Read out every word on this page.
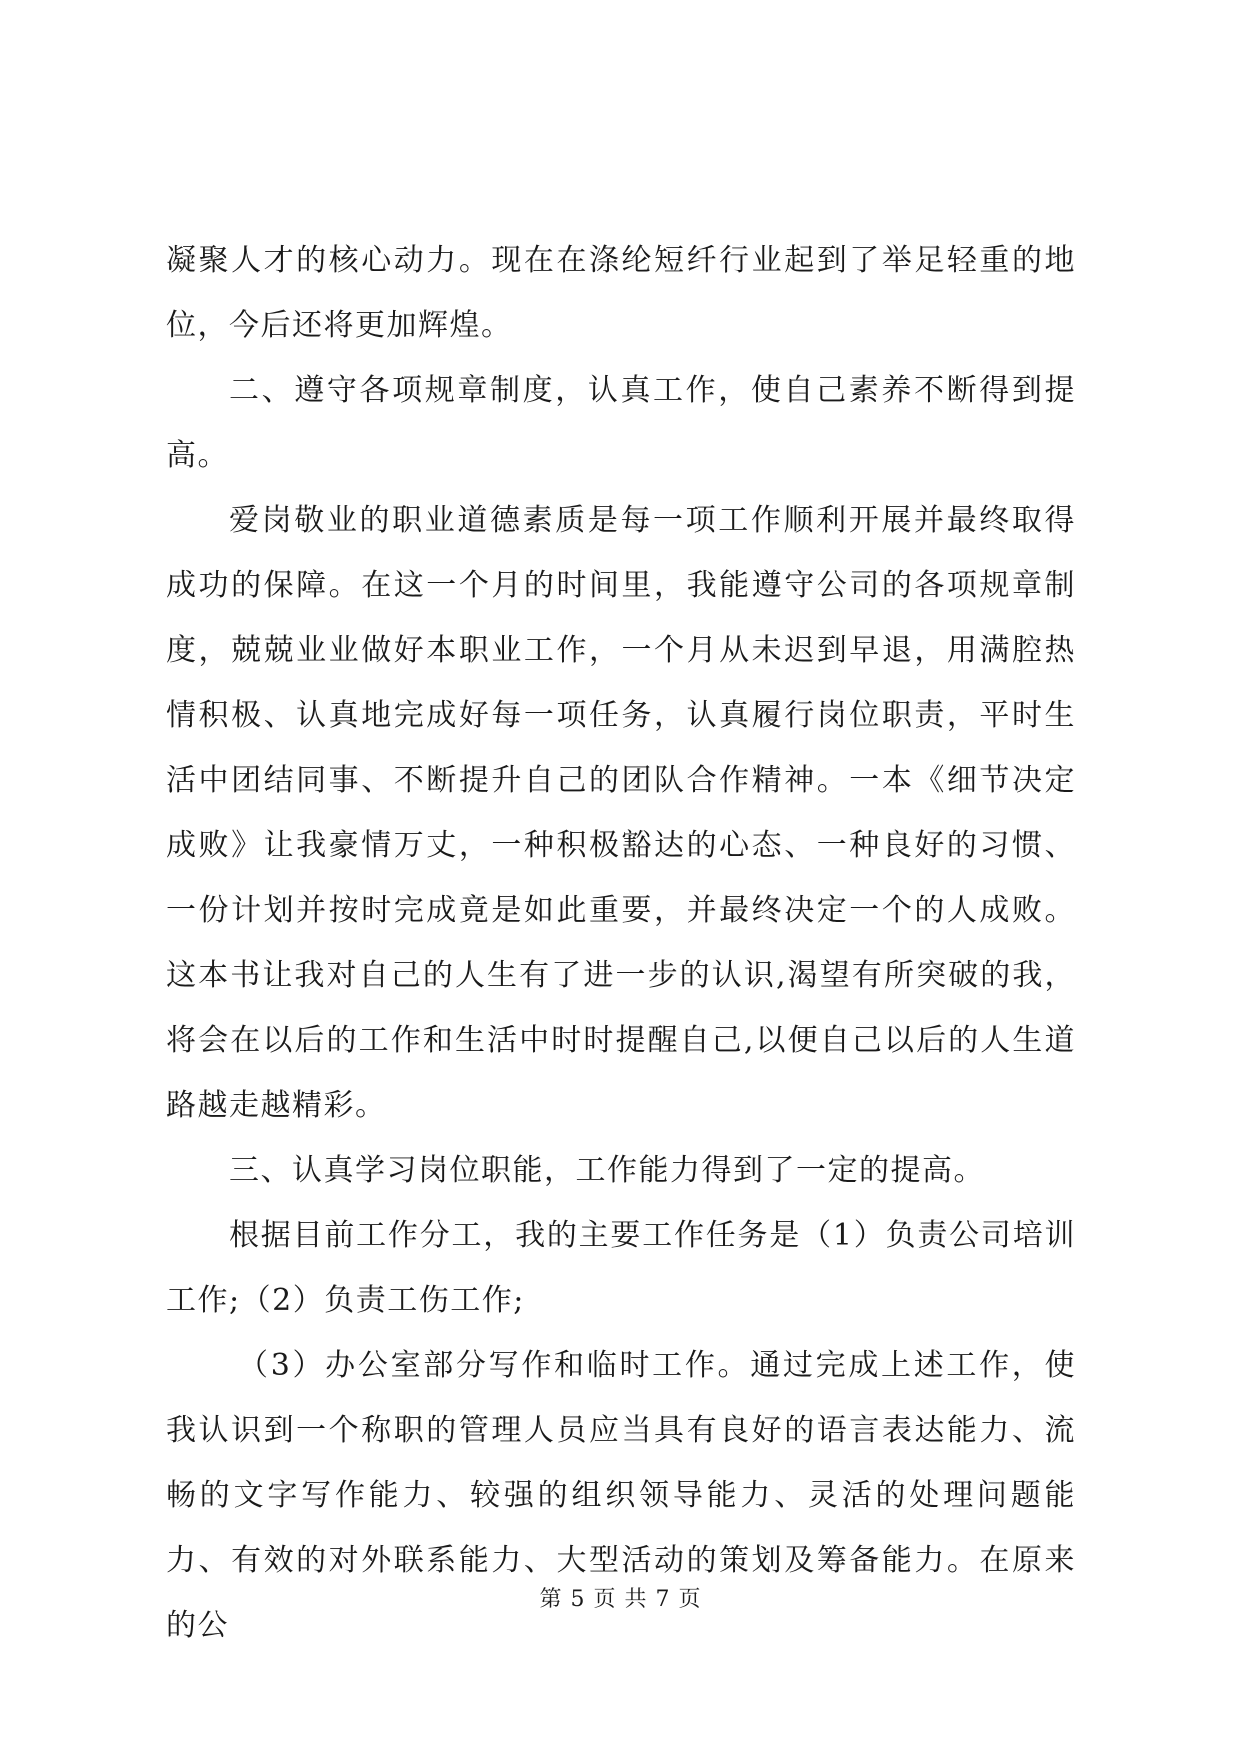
凝聚人才的核心动力。现在在涤纶短纤行业起到了举足轻重的地位，今后还将更加辉煌。

二、遵守各项规章制度，认真工作，使自己素养不断得到提高。

爱岗敬业的职业道德素质是每一项工作顺利开展并最终取得成功的保障。在这一个月的时间里，我能遵守公司的各项规章制度，兢兢业业做好本职业工作，一个月从未迟到早退，用满腔热情积极、认真地完成好每一项任务，认真履行岗位职责，平时生活中团结同事、不断提升自己的团队合作精神。一本《细节决定成败》让我豪情万丈，一种积极豁达的心态、一种良好的习惯、一份计划并按时完成竟是如此重要，并最终决定一个的人成败。这本书让我对自己的人生有了进一步的认识,渴望有所突破的我，将会在以后的工作和生活中时时提醒自己,以便自己以后的人生道路越走越精彩。

三、认真学习岗位职能，工作能力得到了一定的提高。

根据目前工作分工，我的主要工作任务是（1）负责公司培训工作;（2）负责工伤工作;

（3）办公室部分写作和临时工作。通过完成上述工作，使我认识到一个称职的管理人员应当具有良好的语言表达能力、流畅的文字写作能力、较强的组织领导能力、灵活的处理问题能力、有效的对外联系能力、大型活动的策划及筹备能力。在原来的公

第 5 页 共 7 页
